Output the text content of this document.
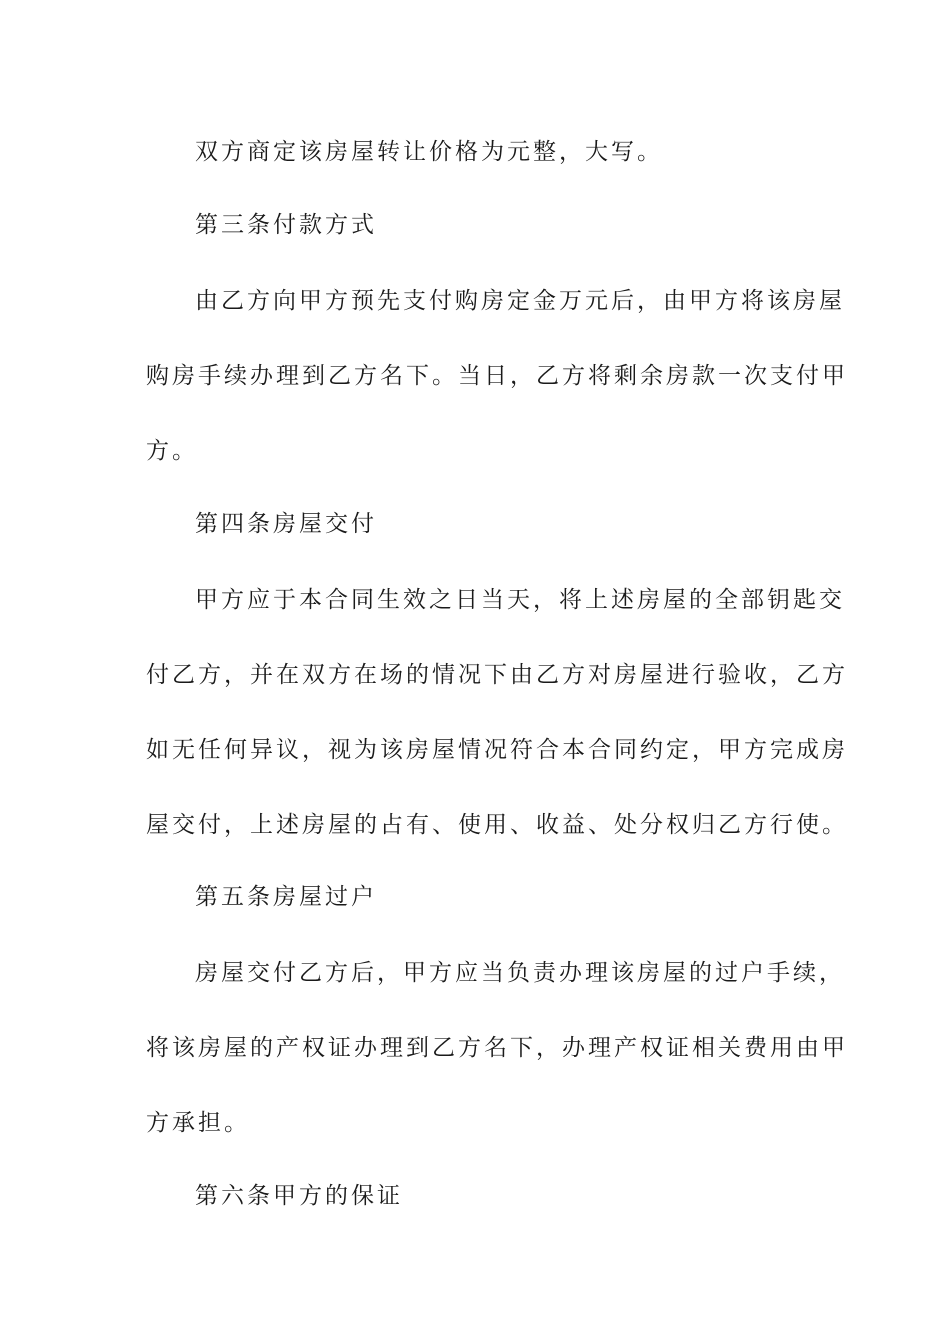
双方商定该房屋转让价格为元整，大写。
第三条付款方式
由乙方向甲方预先支付购房定金万元后，由甲方将该房屋
购房手续办理到乙方名下。当日，乙方将剩余房款一次支付甲
方。
第四条房屋交付
甲方应于本合同生效之日当天，将上述房屋的全部钥匙交
付乙方，并在双方在场的情况下由乙方对房屋进行验收，乙方
如无任何异议，视为该房屋情况符合本合同约定，甲方完成房
屋交付，上述房屋的占有、使用、收益、处分权归乙方行使。
第五条房屋过户
房屋交付乙方后，甲方应当负责办理该房屋的过户手续，
将该房屋的产权证办理到乙方名下，办理产权证相关费用由甲
方承担。
第六条甲方的保证
